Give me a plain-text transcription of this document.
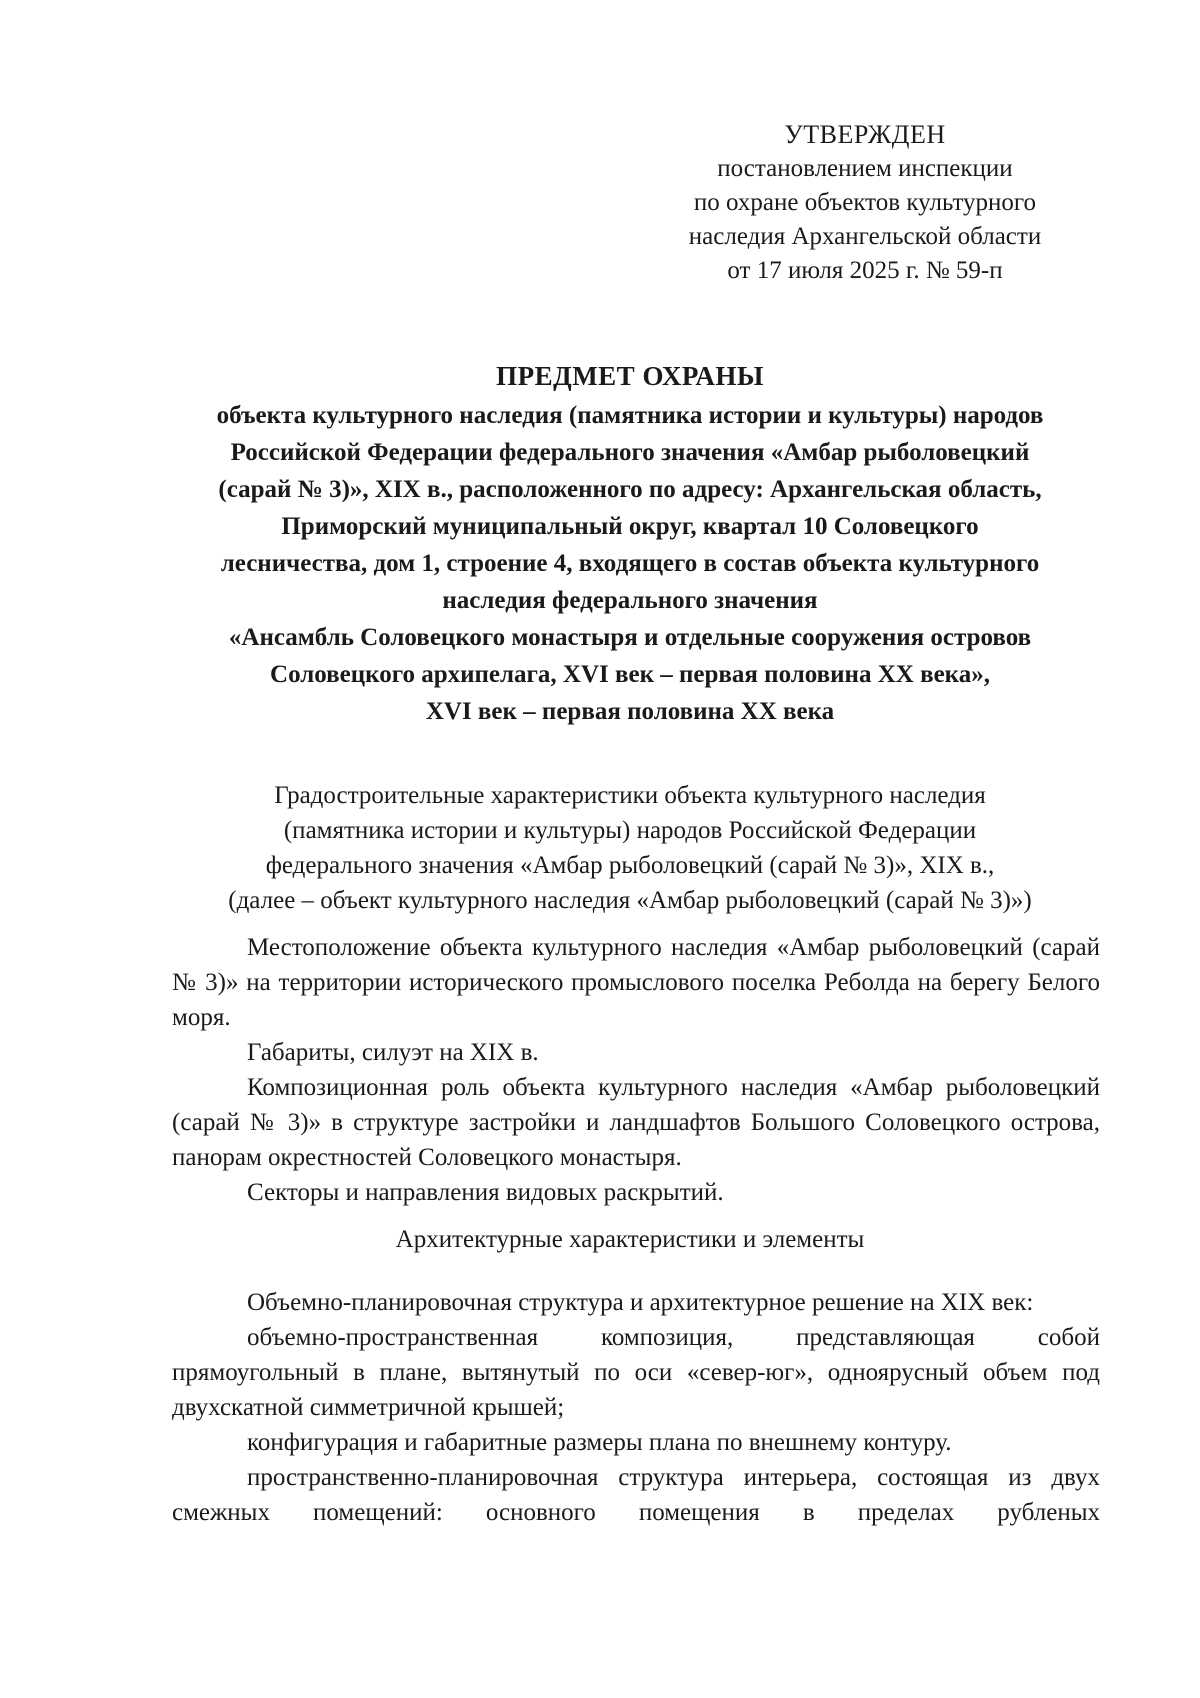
УТВЕРЖДЕН
постановлением инспекции
по охране объектов культурного
наследия Архангельской области
от 17 июля 2025 г. № 59-п
ПРЕДМЕТ ОХРАНЫ
объекта культурного наследия (памятника истории и культуры) народов
Российской Федерации федерального значения «Амбар рыболовецкий
(сарай № 3)», XIX в., расположенного по адресу: Архангельская область,
Приморский муниципальный округ, квартал 10 Соловецкого
лесничества, дом 1, строение 4, входящего в состав объекта культурного
наследия федерального значения
«Ансамбль Соловецкого монастыря и отдельные сооружения островов
Соловецкого архипелага, XVI век – первая половина XX века»,
XVI век – первая половина XX века
Градостроительные характеристики объекта культурного наследия
(памятника истории и культуры) народов Российской Федерации
федерального значения «Амбар рыболовецкий (сарай № 3)», XIX в.,
(далее – объект культурного наследия «Амбар рыболовецкий (сарай № 3)»)

Местоположение объекта культурного наследия «Амбар рыболовецкий (сарай № 3)» на территории исторического промыслового поселка Реболда на берегу Белого моря.

Габариты, силуэт на XIX в.

Композиционная роль объекта культурного наследия «Амбар рыболовецкий (сарай № 3)» в структуре застройки и ландшафтов Большого Соловецкого острова, панорам окрестностей Соловецкого монастыря.

Секторы и направления видовых раскрытий.

Архитектурные характеристики и элементы

Объемно-планировочная структура и архитектурное решение на XIX век:

объемно-пространственная композиция, представляющая собой прямоугольный в плане, вытянутый по оси «север-юг», одноярусный объем под двухскатной симметричной крышей;

конфигурация и габаритные размеры плана по внешнему контуру.

пространственно-планировочная структура интерьера, состоящая из двух смежных помещений: основного помещения в пределах рубленых
